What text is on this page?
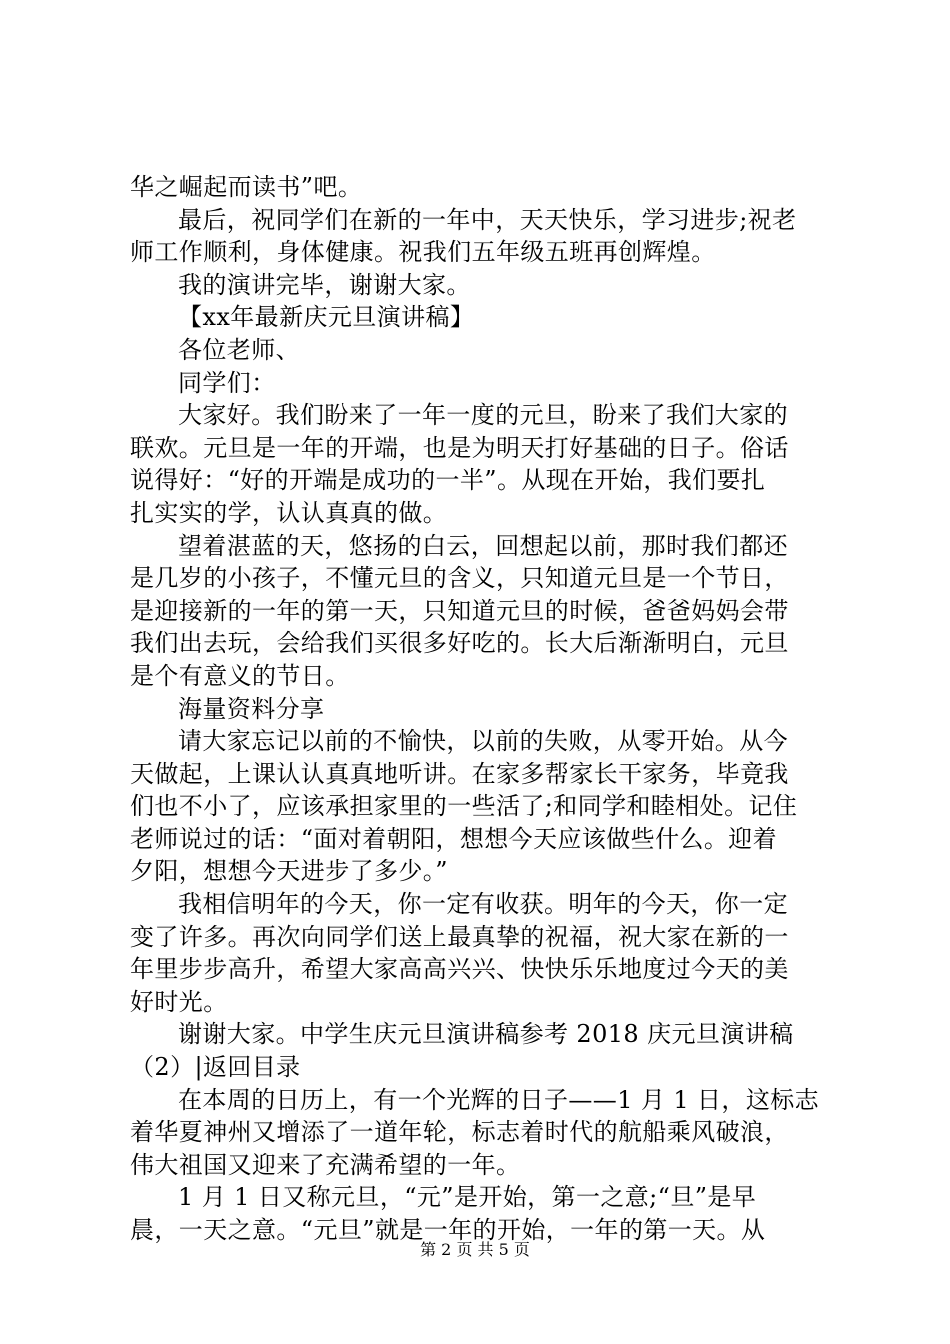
华之崛起而读书”吧。
最后，祝同学们在新的一年中，天天快乐，学习进步;祝老
师工作顺利，身体健康。祝我们五年级五班再创辉煌。
我的演讲完毕，谢谢大家。
【xx年最新庆元旦演讲稿】
各位老师、
同学们：
大家好。我们盼来了一年一度的元旦，盼来了我们大家的
联欢。元旦是一年的开端，也是为明天打好基础的日子。俗话
说得好：“好的开端是成功的一半”。从现在开始，我们要扎
扎实实的学，认认真真的做。
望着湛蓝的天，悠扬的白云，回想起以前，那时我们都还
是几岁的小孩子，不懂元旦的含义，只知道元旦是一个节日，
是迎接新的一年的第一天，只知道元旦的时候，爸爸妈妈会带
我们出去玩，会给我们买很多好吃的。长大后渐渐明白，元旦
是个有意义的节日。
海量资料分享
请大家忘记以前的不愉快，以前的失败，从零开始。从今
天做起，上课认认真真地听讲。在家多帮家长干家务，毕竟我
们也不小了，应该承担家里的一些活了;和同学和睦相处。记住
老师说过的话：“面对着朝阳，想想今天应该做些什么。迎着
夕阳，想想今天进步了多少。”
我相信明年的今天，你一定有收获。明年的今天，你一定
变了许多。再次向同学们送上最真挚的祝福，祝大家在新的一
年里步步高升，希望大家高高兴兴、快快乐乐地度过今天的美
好时光。
谢谢大家。中学生庆元旦演讲稿参考 2018 庆元旦演讲稿
（2）|返回目录
在本周的日历上，有一个光辉的日子——1 月 1 日，这标志
着华夏神州又增添了一道年轮，标志着时代的航船乘风破浪，
伟大祖国又迎来了充满希望的一年。
1 月 1 日又称元旦，“元”是开始，第一之意;“旦”是早
晨，一天之意。“元旦”就是一年的开始，一年的第一天。从
第 2 页 共 5 页
